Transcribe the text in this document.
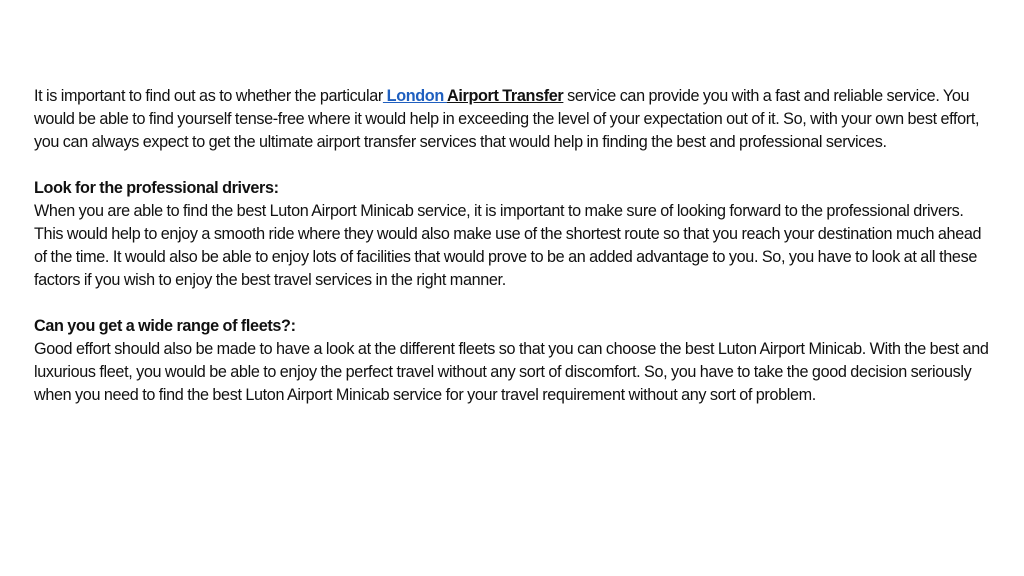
It is important to find out as to whether the particular London Airport Transfer service can provide you with a fast and reliable service. You would be able to find yourself tense-free where it would help in exceeding the level of your expectation out of it. So, with your own best effort, you can always expect to get the ultimate airport transfer services that would help in finding the best and professional services.

Look for the professional drivers:

When you are able to find the best Luton Airport Minicab service, it is important to make sure of looking forward to the professional drivers. This would help to enjoy a smooth ride where they would also make use of the shortest route so that you reach your destination much ahead of the time. It would also be able to enjoy lots of facilities that would prove to be an added advantage to you. So, you have to look at all these factors if you wish to enjoy the best travel services in the right manner.

Can you get a wide range of fleets?:

Good effort should also be made to have a look at the different fleets so that you can choose the best Luton Airport Minicab. With the best and luxurious fleet, you would be able to enjoy the perfect travel without any sort of discomfort. So, you have to take the good decision seriously when you need to find the best Luton Airport Minicab service for your travel requirement without any sort of problem.
